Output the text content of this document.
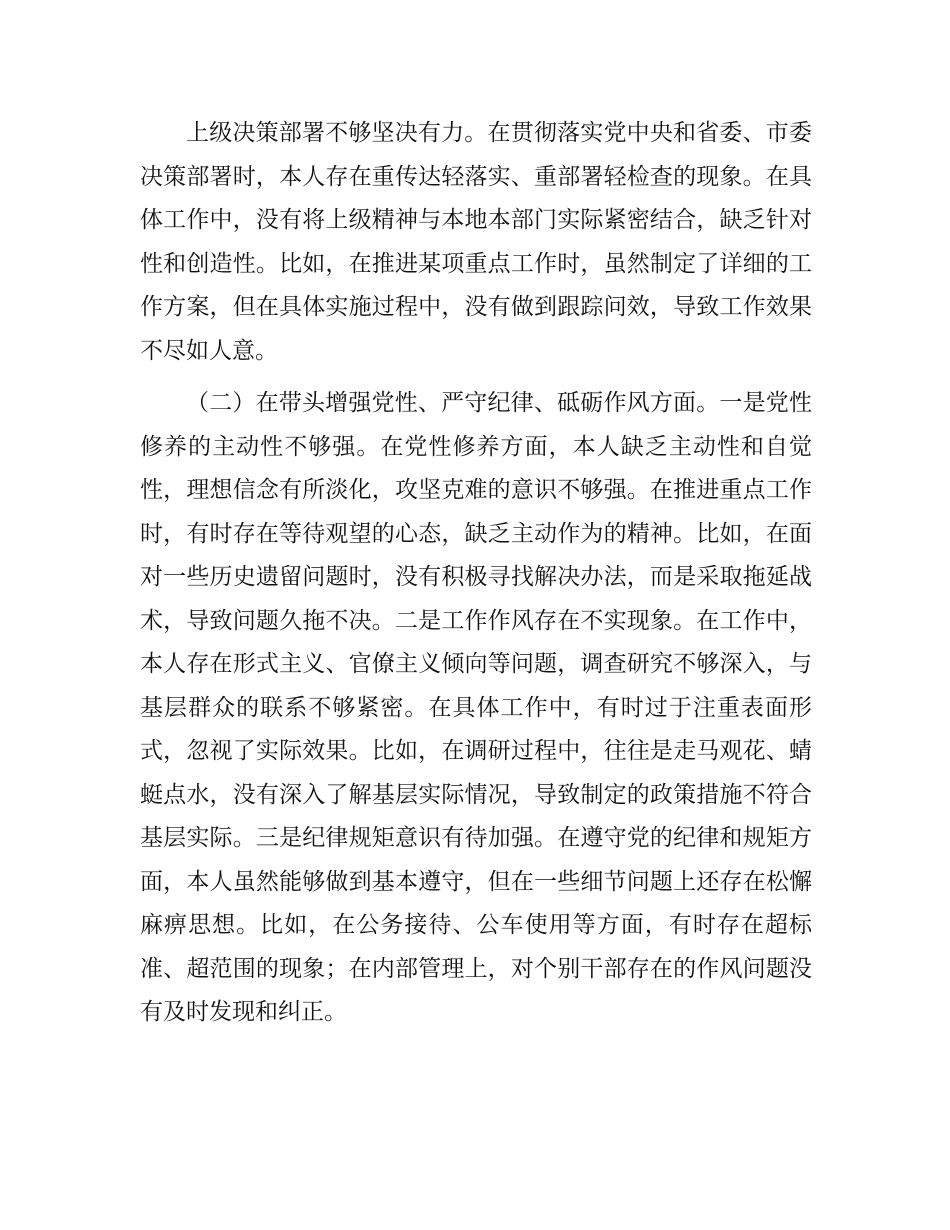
上级决策部署不够坚决有力。在贯彻落实党中央和省委、市委决策部署时，本人存在重传达轻落实、重部署轻检查的现象。在具体工作中，没有将上级精神与本地本部门实际紧密结合，缺乏针对性和创造性。比如，在推进某项重点工作时，虽然制定了详细的工作方案，但在具体实施过程中，没有做到跟踪问效，导致工作效果不尽如人意。

（二）在带头增强党性、严守纪律、砥砺作风方面。一是党性修养的主动性不够强。在党性修养方面，本人缺乏主动性和自觉性，理想信念有所淡化，攻坚克难的意识不够强。在推进重点工作时，有时存在等待观望的心态，缺乏主动作为的精神。比如，在面对一些历史遗留问题时，没有积极寻找解决办法，而是采取拖延战术，导致问题久拖不决。二是工作作风存在不实现象。在工作中，本人存在形式主义、官僚主义倾向等问题，调查研究不够深入，与基层群众的联系不够紧密。在具体工作中，有时过于注重表面形式，忽视了实际效果。比如，在调研过程中，往往是走马观花、蜻蜓点水，没有深入了解基层实际情况，导致制定的政策措施不符合基层实际。三是纪律规矩意识有待加强。在遵守党的纪律和规矩方面，本人虽然能够做到基本遵守，但在一些细节问题上还存在松懈麻痹思想。比如，在公务接待、公车使用等方面，有时存在超标准、超范围的现象；在内部管理上，对个别干部存在的作风问题没有及时发现和纠正。
